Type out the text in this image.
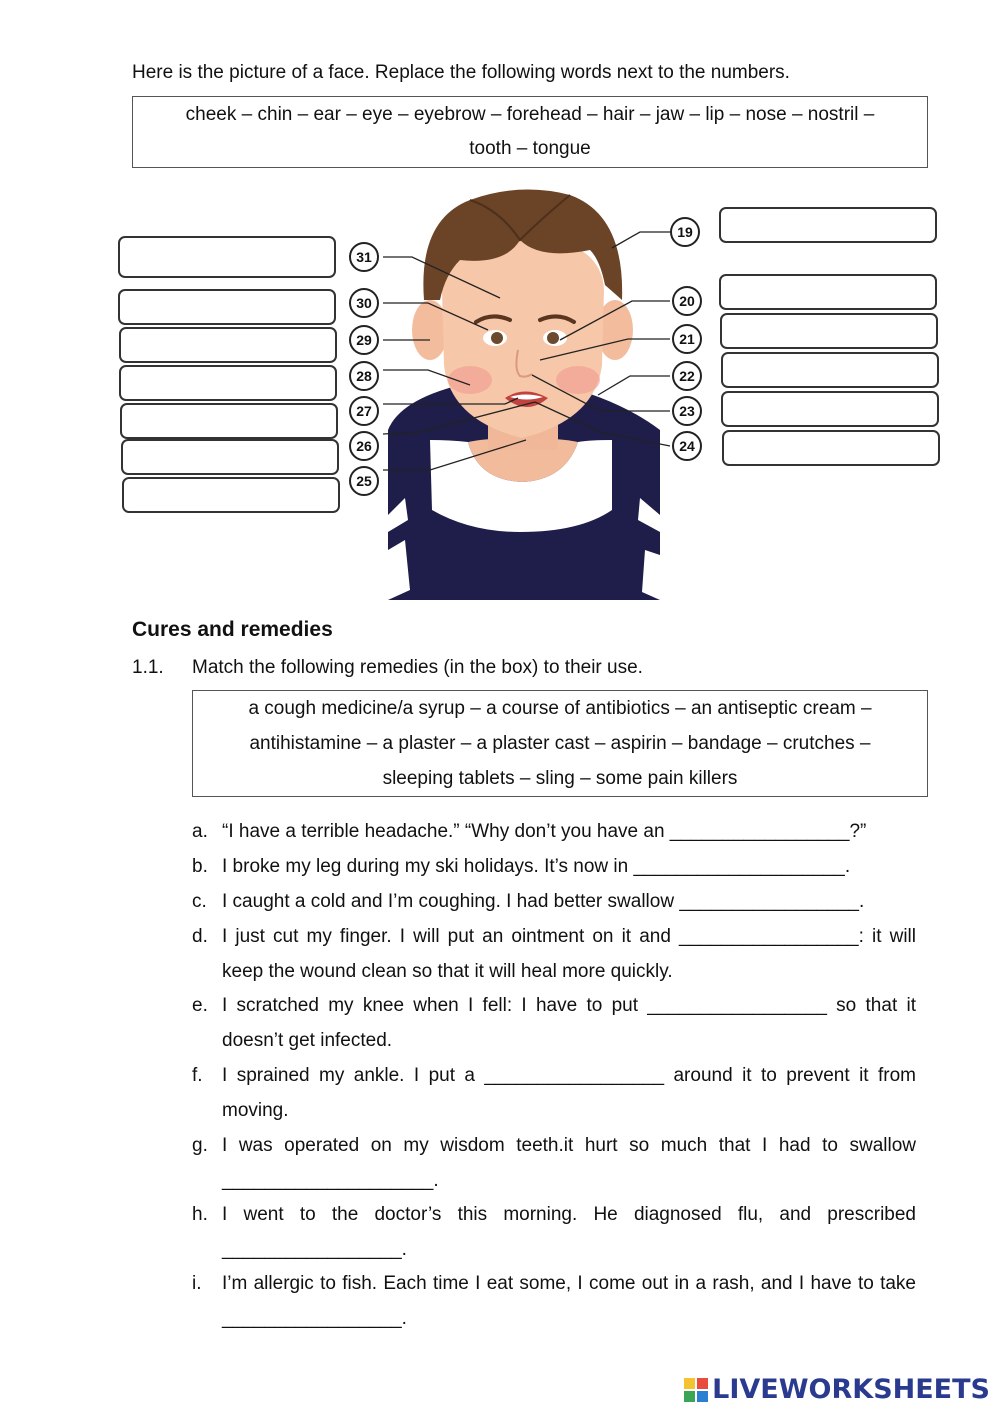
Here is the picture of a face. Replace the following words next to the numbers.
cheek – chin – ear – eye – eyebrow – forehead – hair – jaw – lip – nose – nostril –
tooth – tongue
31
30
29
28
27
26
25
19
20
21
22
23
24
Cures and remedies
1.1. Match the following remedies (in the box) to their use.
a cough medicine/a syrup – a course of antibiotics – an antiseptic cream –
antihistamine – a plaster – a plaster cast – aspirin – bandage – crutches –
sleeping tablets – sling – some pain killers
a. “I have a terrible headache.” “Why don’t you have an _________________?”
b. I broke my leg during my ski holidays. It’s now in ____________________.
c. I caught a cold and I’m coughing. I had better swallow _________________.
d. I just cut my finger. I will put an ointment on it and _________________: it will keep the wound clean so that it will heal more quickly.
e. I scratched my knee when I fell: I have to put _________________ so that it doesn’t get infected.
f. I sprained my ankle. I put a _________________ around it to prevent it from moving.
g. I was operated on my wisdom teeth.it hurt so much that I had to swallow ____________________.
h. I went to the doctor’s this morning. He diagnosed flu, and prescribed _________________.
i. I’m allergic to fish. Each time I eat some, I come out in a rash, and I have to take _________________.
LIVEWORKSHEETS
